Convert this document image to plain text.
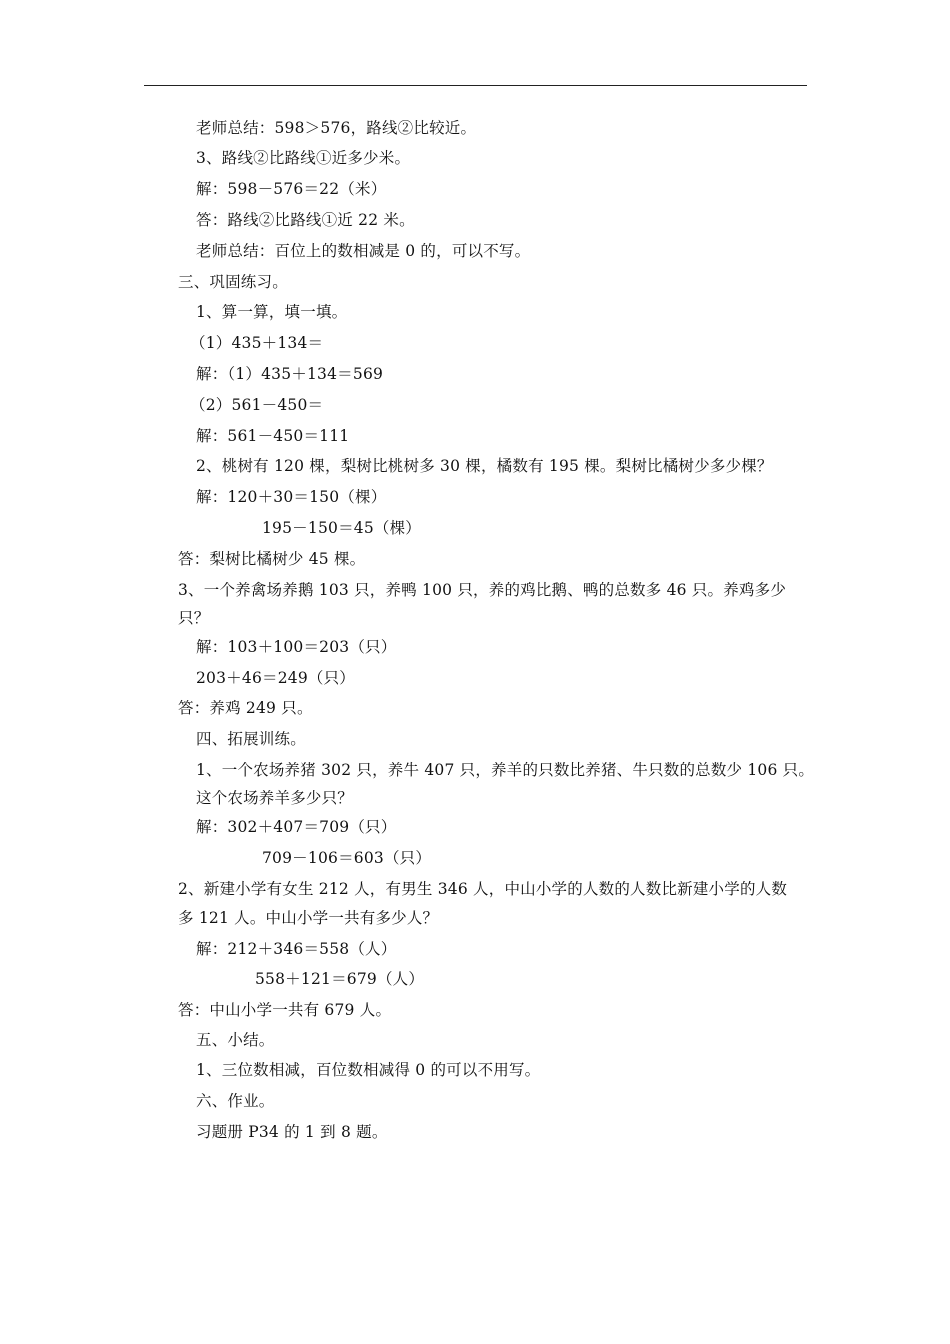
老师总结：598＞576，路线②比较近。
3、路线②比路线①近多少米。
解：598－576＝22（米）
答：路线②比路线①近 22 米。
老师总结：百位上的数相减是 0 的，可以不写。
三、巩固练习。
1、算一算，填一填。
（1）435＋134＝
解：（1）435＋134＝569
（2）561－450＝
解：561－450＝111
2、桃树有 120 棵，梨树比桃树多 30 棵，橘数有 195 棵。梨树比橘树少多少棵？
解：120＋30＝150（棵）
195－150＝45（棵）
答：梨树比橘树少 45 棵。
3、一个养禽场养鹅 103 只，养鸭 100 只，养的鸡比鹅、鸭的总数多 46 只。养鸡多少
只？
解：103＋100＝203（只）
203＋46＝249（只）
答：养鸡 249 只。
四、拓展训练。
1、一个农场养猪 302 只，养牛 407 只，养羊的只数比养猪、牛只数的总数少 106 只。
这个农场养羊多少只？
解：302＋407＝709（只）
709－106＝603（只）
2、新建小学有女生 212 人，有男生 346 人，中山小学的人数的人数比新建小学的人数
多 121 人。中山小学一共有多少人？
解：212＋346＝558（人）
558＋121＝679（人）
答：中山小学一共有 679 人。
五、小结。
1、三位数相减，百位数相减得 0 的可以不用写。
六、作业。
习题册 P34 的 1 到 8 题。
